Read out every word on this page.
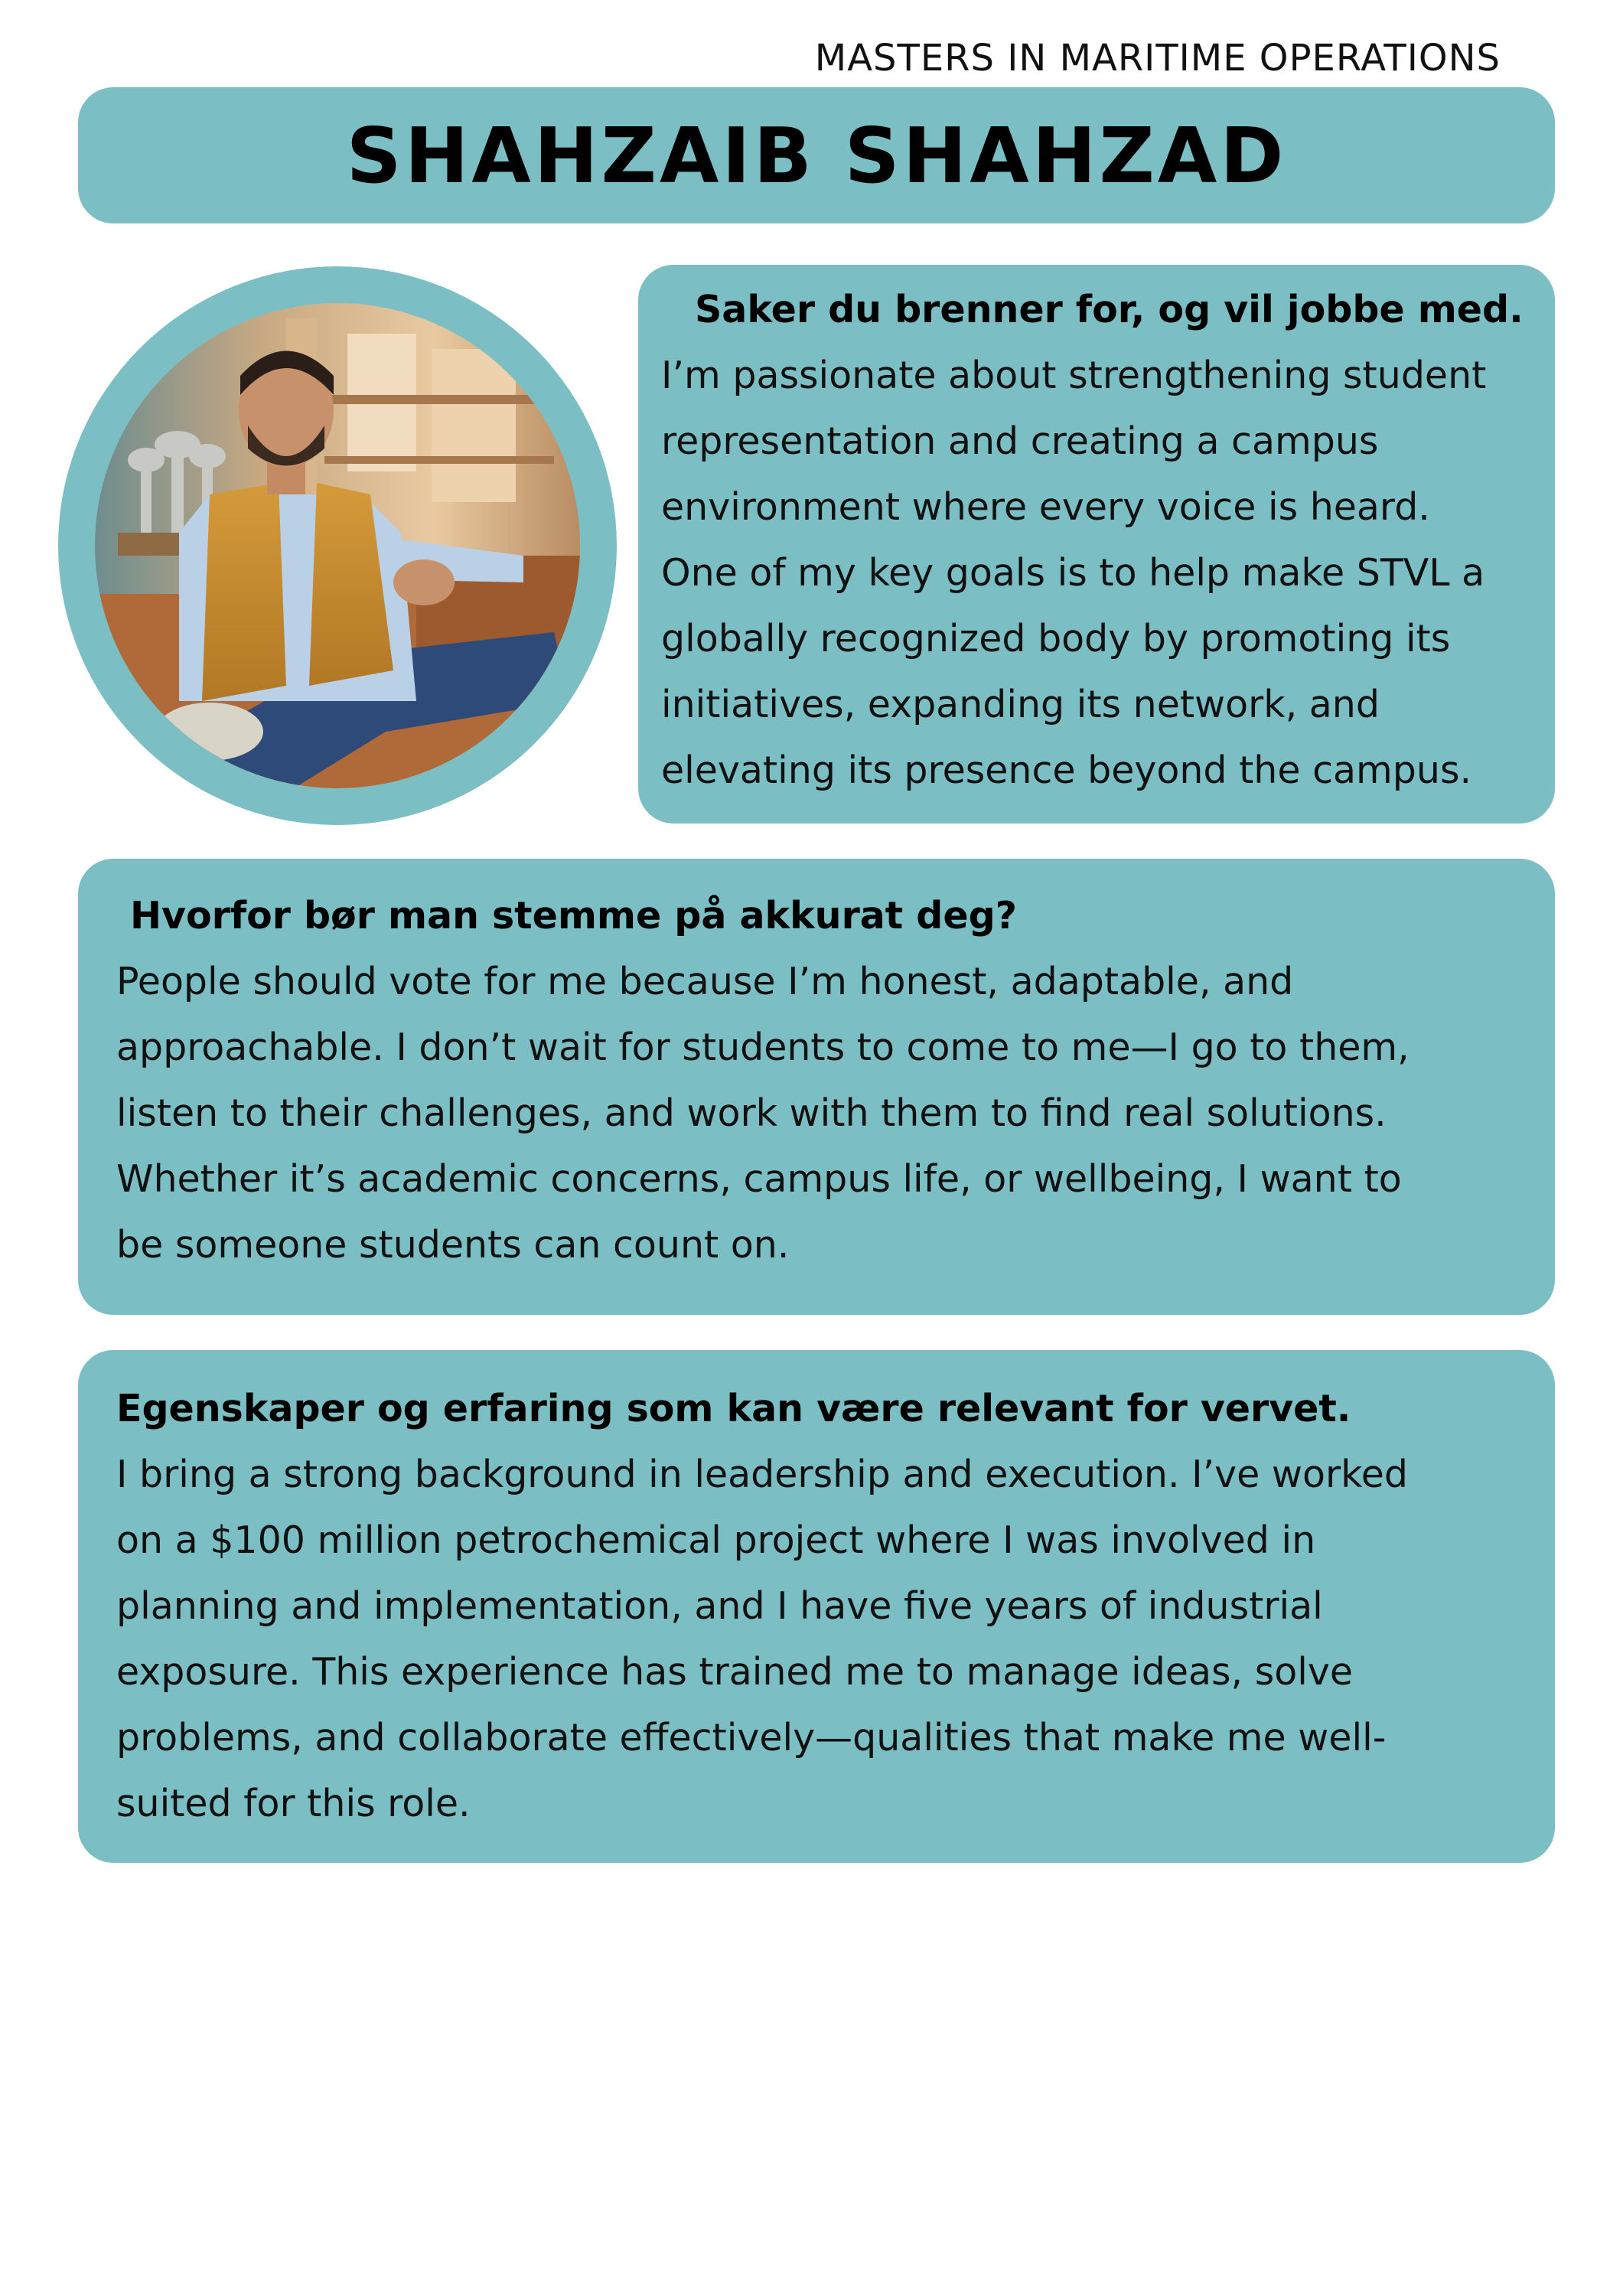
MASTERS IN MARITIME OPERATIONS
SHAHZAIB SHAHZAD
Saker du brenner for, og vil jobbe med.
I’m passionate about strengthening student
representation and creating a campus
environment where every voice is heard.
One of my key goals is to help make STVL a
globally recognized body by promoting its
initiatives, expanding its network, and
elevating its presence beyond the campus.
Hvorfor bør man stemme på akkurat deg?
People should vote for me because I’m honest, adaptable, and
approachable. I don’t wait for students to come to me—I go to them,
listen to their challenges, and work with them to find real solutions.
Whether it’s academic concerns, campus life, or wellbeing, I want to
be someone students can count on.
Egenskaper og erfaring som kan være relevant for vervet.
I bring a strong background in leadership and execution. I’ve worked
on a $100 million petrochemical project where I was involved in
planning and implementation, and I have five years of industrial
exposure. This experience has trained me to manage ideas, solve
problems, and collaborate effectively—qualities that make me well-
suited for this role.
